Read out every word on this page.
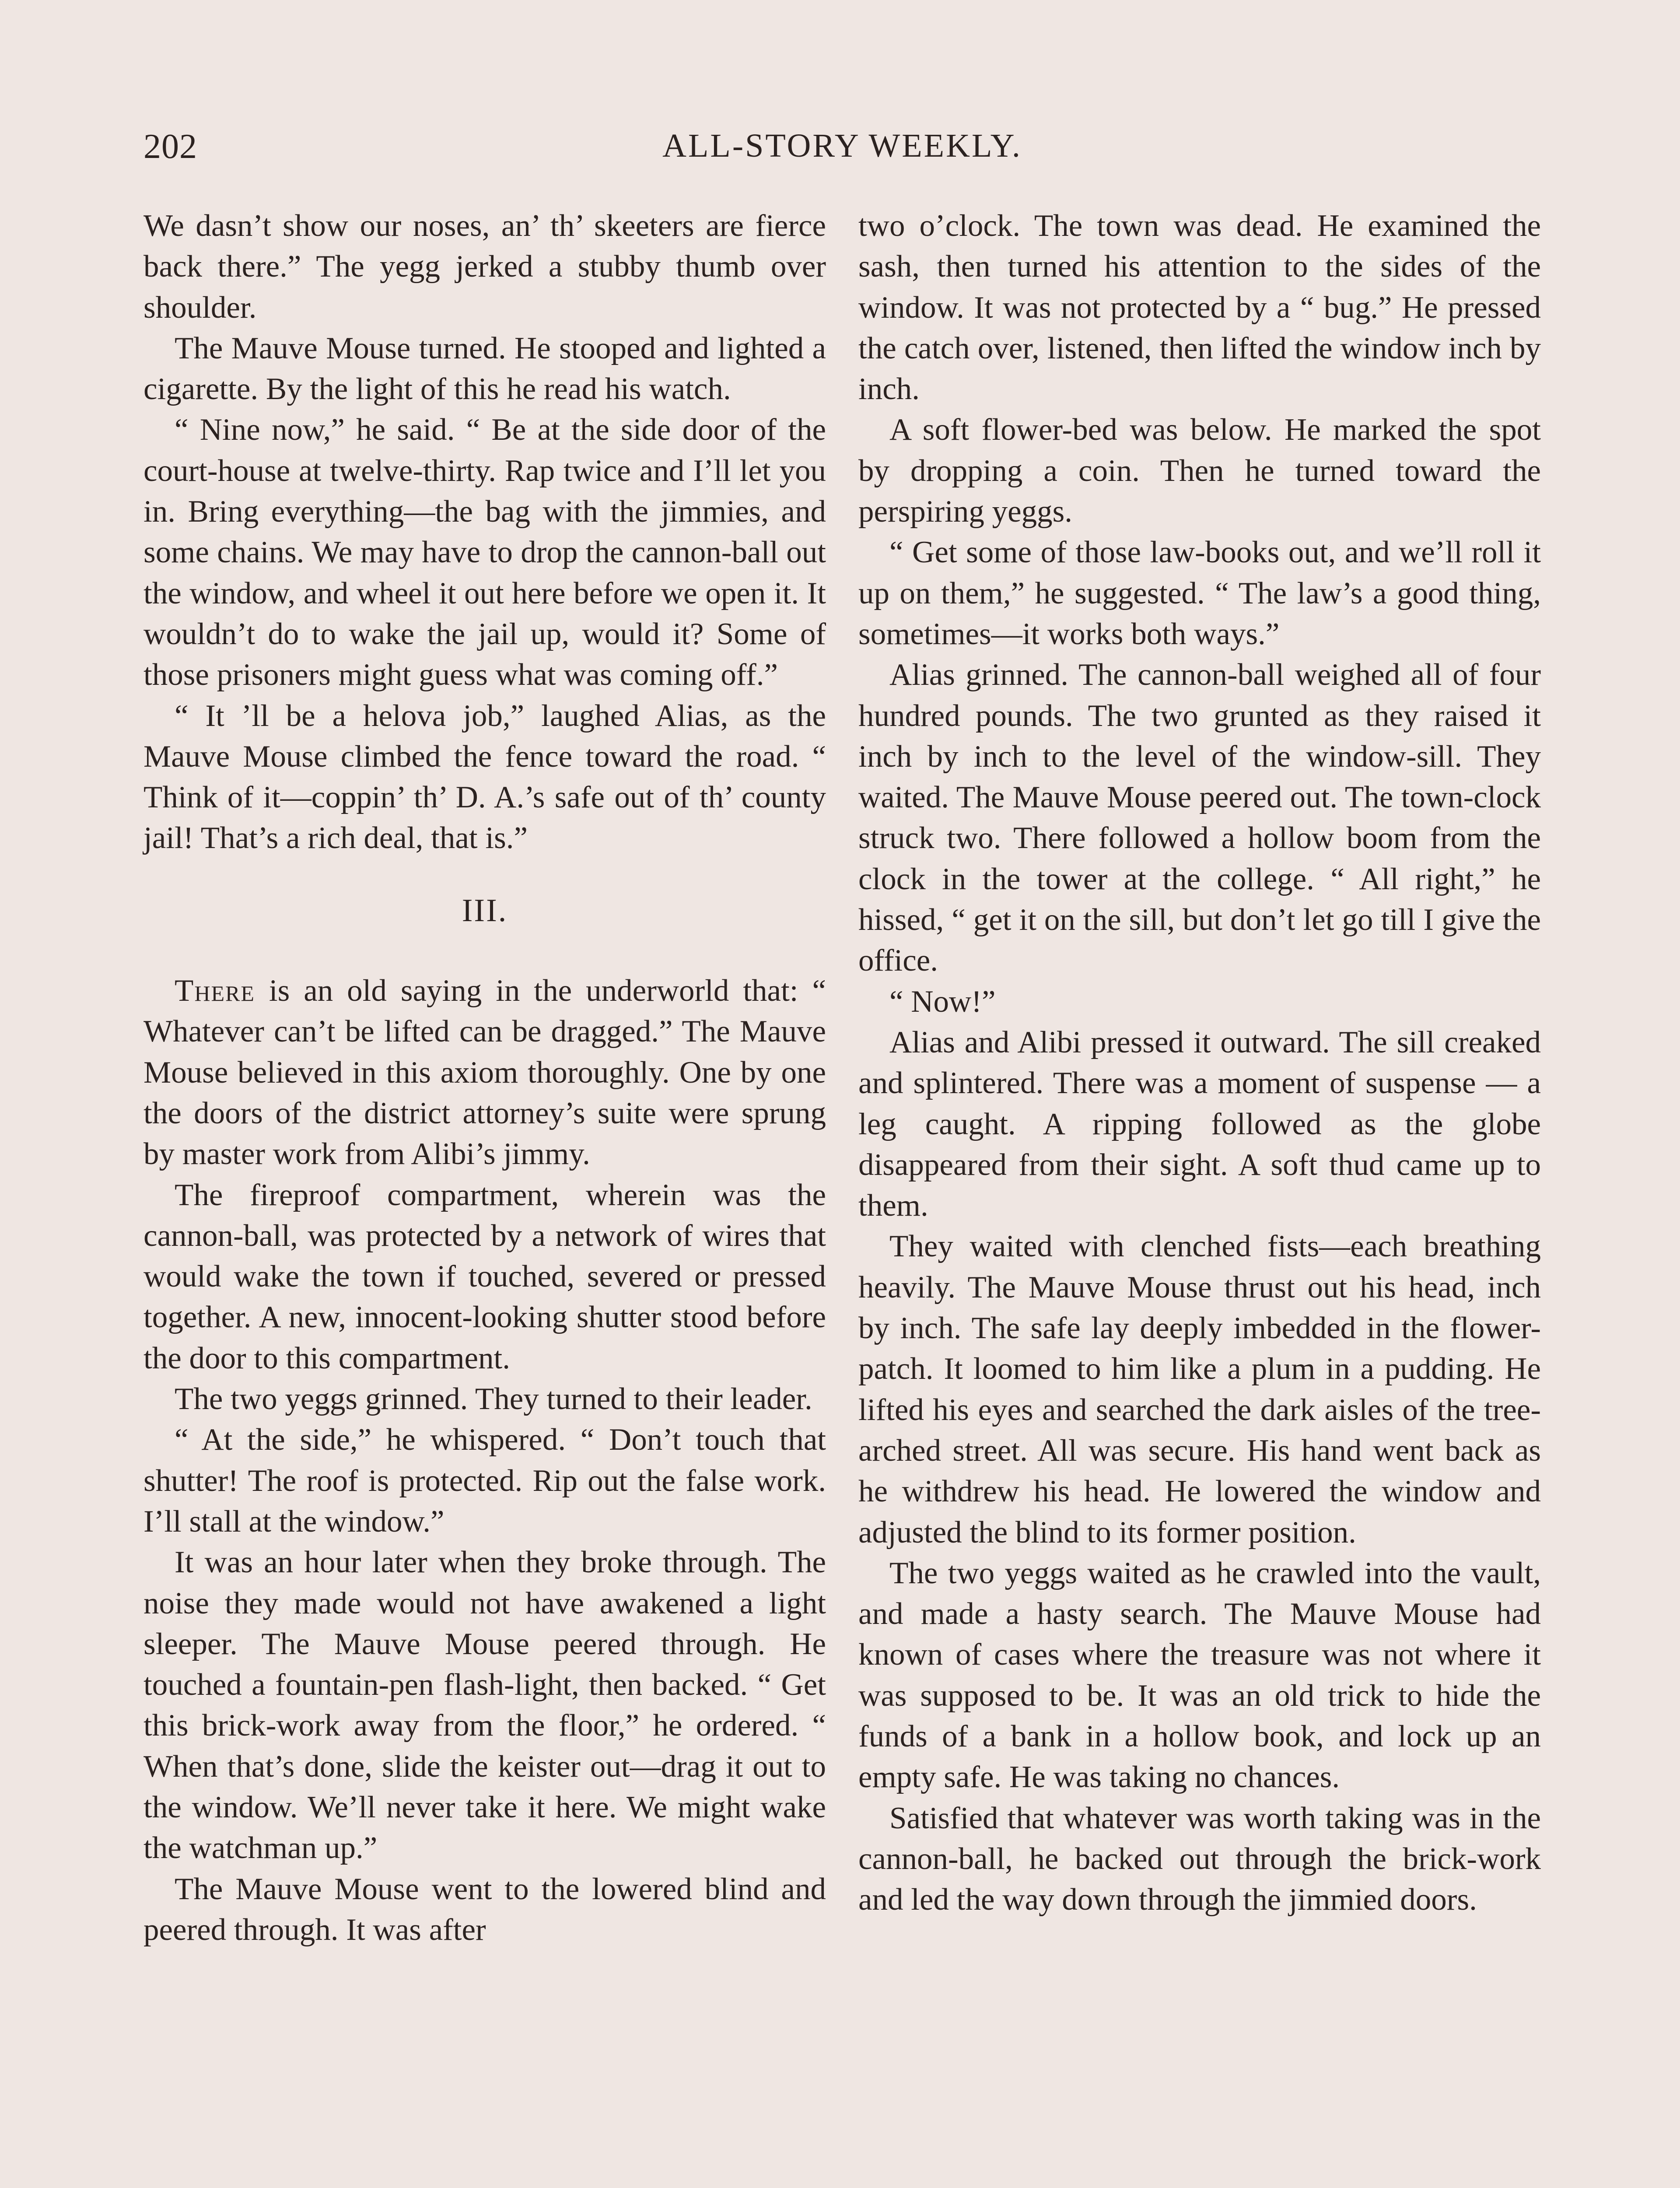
202	ALL-STORY WEEKLY.

We dasn’t show our noses, an’ th’ skeeters are fierce back there.” The yegg jerked a stubby thumb over shoulder.

The Mauve Mouse turned. He stooped and lighted a cigarette. By the light of this he read his watch.

“ Nine now,” he said. “ Be at the side door of the court-house at twelve-thirty. Rap twice and I’ll let you in. Bring everything—the bag with the jimmies, and some chains. We may have to drop the cannon-ball out the window, and wheel it out here before we open it. It wouldn’t do to wake the jail up, would it? Some of those prisoners might guess what was coming off.”

“ It ’ll be a helova job,” laughed Alias, as the Mauve Mouse climbed the fence toward the road. “ Think of it—coppin’ th’ D. A.’s safe out of th’ county jail! That’s a rich deal, that is.”

III.

There is an old saying in the underworld that: “ Whatever can’t be lifted can be dragged.” The Mauve Mouse believed in this axiom thoroughly. One by one the doors of the district attorney’s suite were sprung by master work from Alibi’s jimmy.

The fireproof compartment, wherein was the cannon-ball, was protected by a network of wires that would wake the town if touched, severed or pressed together. A new, innocent-looking shutter stood before the door to this compartment.

The two yeggs grinned. They turned to their leader.

“ At the side,” he whispered. “ Don’t touch that shutter! The roof is protected. Rip out the false work. I’ll stall at the window.”

It was an hour later when they broke through. The noise they made would not have awakened a light sleeper. The Mauve Mouse peered through. He touched a fountain-pen flash-light, then backed. “ Get this brick-work away from the floor,” he ordered. “ When that’s done, slide the keister out—drag it out to the window. We’ll never take it here. We might wake the watchman up.”

The Mauve Mouse went to the lowered blind and peered through. It was after

two o’clock. The town was dead. He examined the sash, then turned his attention to the sides of the window. It was not protected by a “ bug.” He pressed the catch over, listened, then lifted the window inch by inch.

A soft flower-bed was below. He marked the spot by dropping a coin. Then he turned toward the perspiring yeggs.

“ Get some of those law-books out, and we’ll roll it up on them,” he suggested. “ The law’s a good thing, sometimes—it works both ways.”

Alias grinned. The cannon-ball weighed all of four hundred pounds. The two grunted as they raised it inch by inch to the level of the window-sill. They waited. The Mauve Mouse peered out. The town-clock struck two. There followed a hollow boom from the clock in the tower at the college. “ All right,” he hissed, “ get it on the sill, but don’t let go till I give the office.

“ Now!”

Alias and Alibi pressed it outward. The sill creaked and splintered. There was a moment of suspense — a leg caught. A ripping followed as the globe disappeared from their sight. A soft thud came up to them.

They waited with clenched fists—each breathing heavily. The Mauve Mouse thrust out his head, inch by inch. The safe lay deeply imbedded in the flower-patch. It loomed to him like a plum in a pudding. He lifted his eyes and searched the dark aisles of the tree-arched street. All was secure. His hand went back as he withdrew his head. He lowered the window and adjusted the blind to its former position.

The two yeggs waited as he crawled into the vault, and made a hasty search. The Mauve Mouse had known of cases where the treasure was not where it was supposed to be. It was an old trick to hide the funds of a bank in a hollow book, and lock up an empty safe. He was taking no chances.

Satisfied that whatever was worth taking was in the cannon-ball, he backed out through the brick-work and led the way down through the jimmied doors.
